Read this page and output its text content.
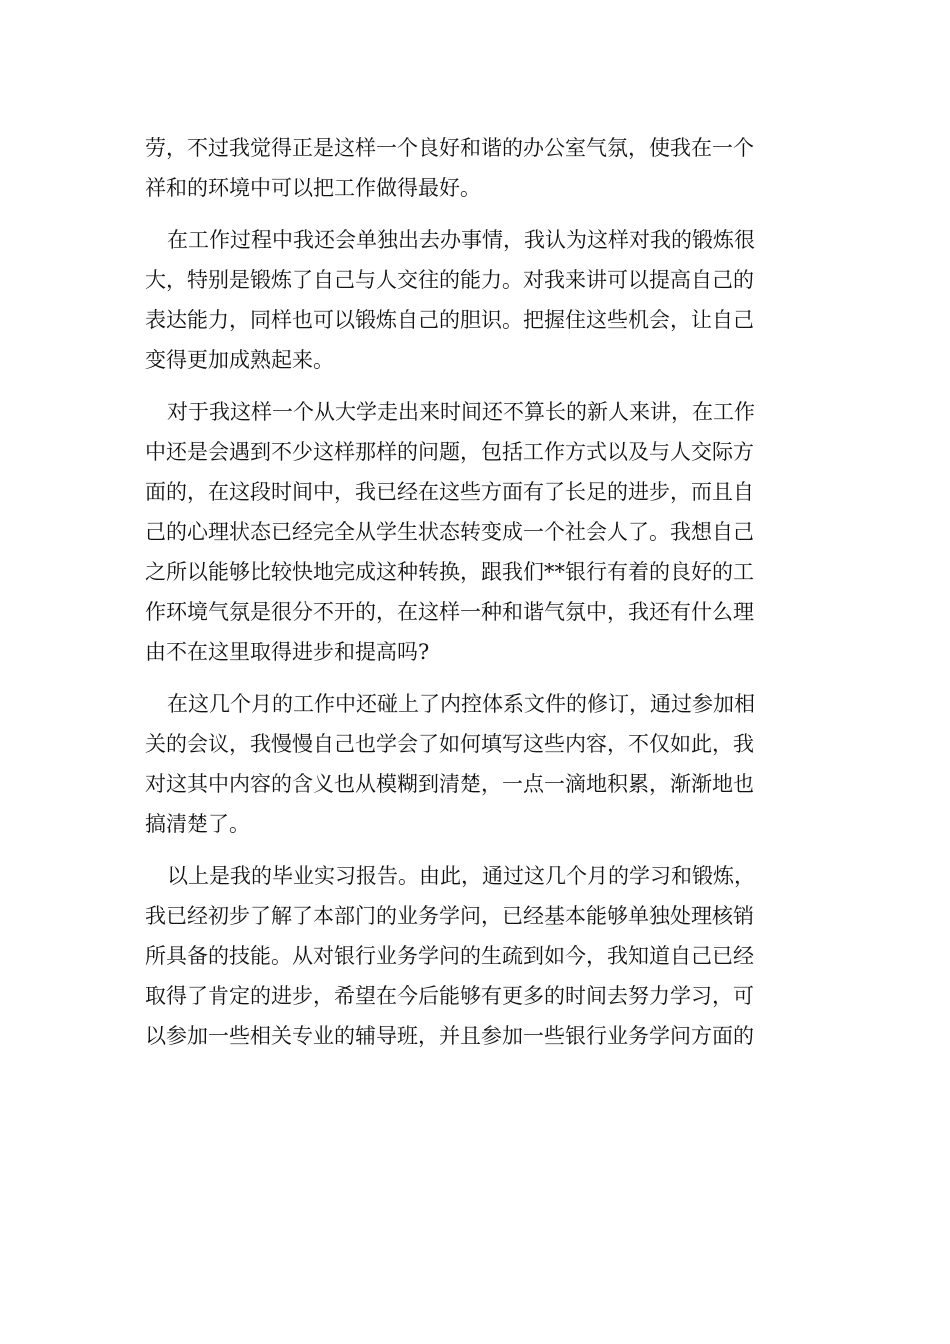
劳，不过我觉得正是这样一个良好和谐的办公室气氛，使我在一个
祥和的环境中可以把工作做得最好。
在工作过程中我还会单独出去办事情，我认为这样对我的锻炼很
大，特别是锻炼了自己与人交往的能力。对我来讲可以提高自己的
表达能力，同样也可以锻炼自己的胆识。把握住这些机会，让自己
变得更加成熟起来。
对于我这样一个从大学走出来时间还不算长的新人来讲，在工作
中还是会遇到不少这样那样的问题，包括工作方式以及与人交际方
面的，在这段时间中，我已经在这些方面有了长足的进步，而且自
己的心理状态已经完全从学生状态转变成一个社会人了。我想自己
之所以能够比较快地完成这种转换，跟我们**银行有着的良好的工
作环境气氛是很分不开的，在这样一种和谐气氛中，我还有什么理
由不在这里取得进步和提高吗?
在这几个月的工作中还碰上了内控体系文件的修订，通过参加相
关的会议，我慢慢自己也学会了如何填写这些内容，不仅如此，我
对这其中内容的含义也从模糊到清楚，一点一滴地积累，渐渐地也
搞清楚了。
以上是我的毕业实习报告。由此，通过这几个月的学习和锻炼，
我已经初步了解了本部门的业务学问，已经基本能够单独处理核销
所具备的技能。从对银行业务学问的生疏到如今，我知道自己已经
取得了肯定的进步，希望在今后能够有更多的时间去努力学习，可
以参加一些相关专业的辅导班，并且参加一些银行业务学问方面的
